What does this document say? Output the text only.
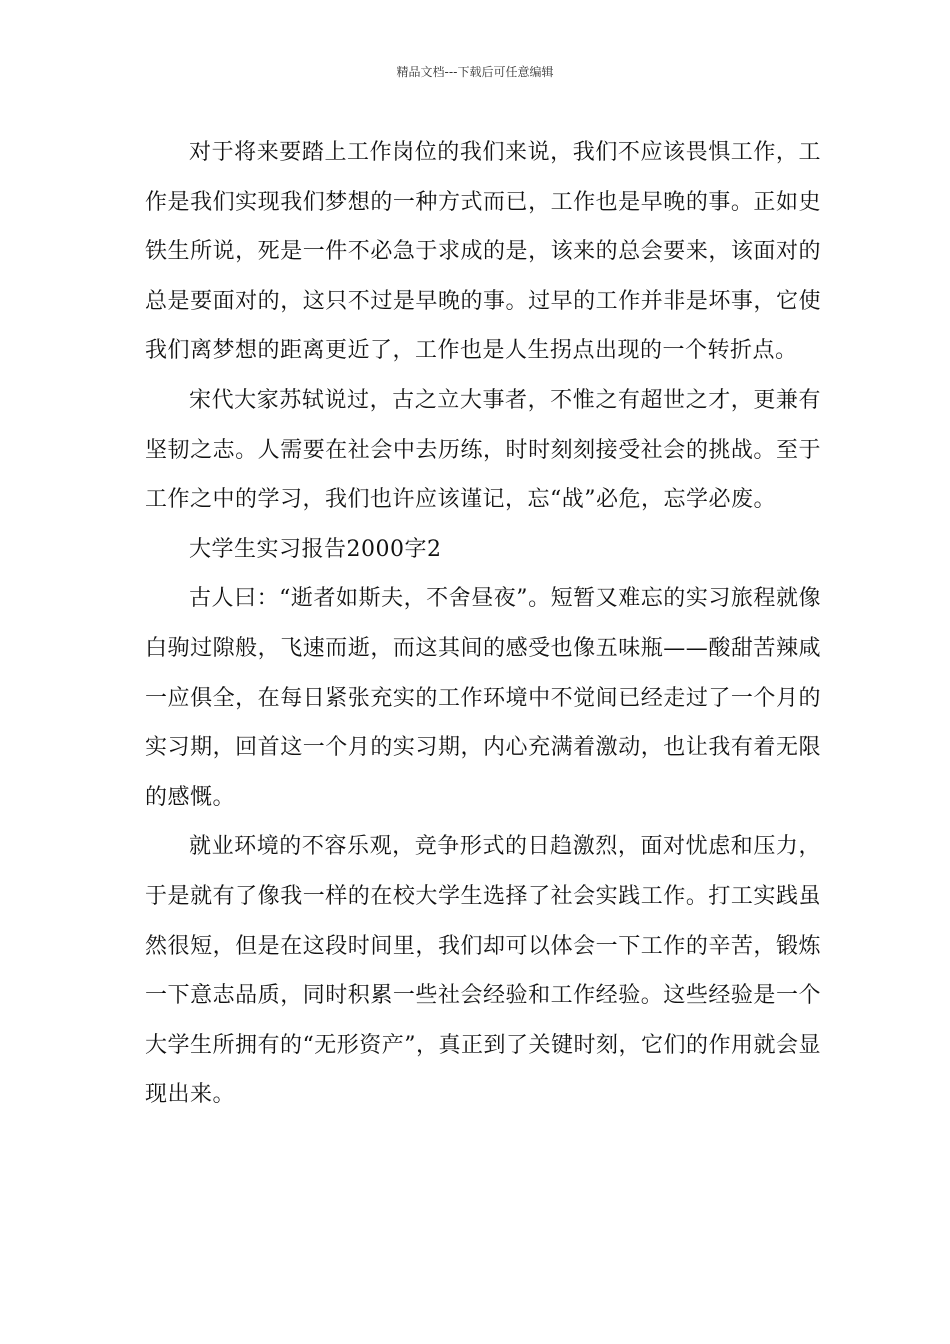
精品文档---下载后可任意编辑

对于将来要踏上工作岗位的我们来说，我们不应该畏惧工作，工作是我们实现我们梦想的一种方式而已，工作也是早晚的事。正如史铁生所说，死是一件不必急于求成的是，该来的总会要来，该面对的总是要面对的，这只不过是早晚的事。过早的工作并非是坏事，它使我们离梦想的距离更近了，工作也是人生拐点出现的一个转折点。

宋代大家苏轼说过，古之立大事者，不惟之有超世之才，更兼有坚韧之志。人需要在社会中去历练，时时刻刻接受社会的挑战。至于工作之中的学习，我们也许应该谨记，忘“战”必危，忘学必废。

大学生实习报告2000字2

古人曰：“逝者如斯夫，不舍昼夜”。短暂又难忘的实习旅程就像白驹过隙般，飞速而逝，而这其间的感受也像五味瓶——酸甜苦辣咸一应俱全，在每日紧张充实的工作环境中不觉间已经走过了一个月的实习期，回首这一个月的实习期，内心充满着激动，也让我有着无限的感慨。

就业环境的不容乐观，竞争形式的日趋激烈，面对忧虑和压力，于是就有了像我一样的在校大学生选择了社会实践工作。打工实践虽然很短，但是在这段时间里，我们却可以体会一下工作的辛苦，锻炼一下意志品质，同时积累一些社会经验和工作经验。这些经验是一个大学生所拥有的“无形资产”，真正到了关键时刻，它们的作用就会显现出来。
